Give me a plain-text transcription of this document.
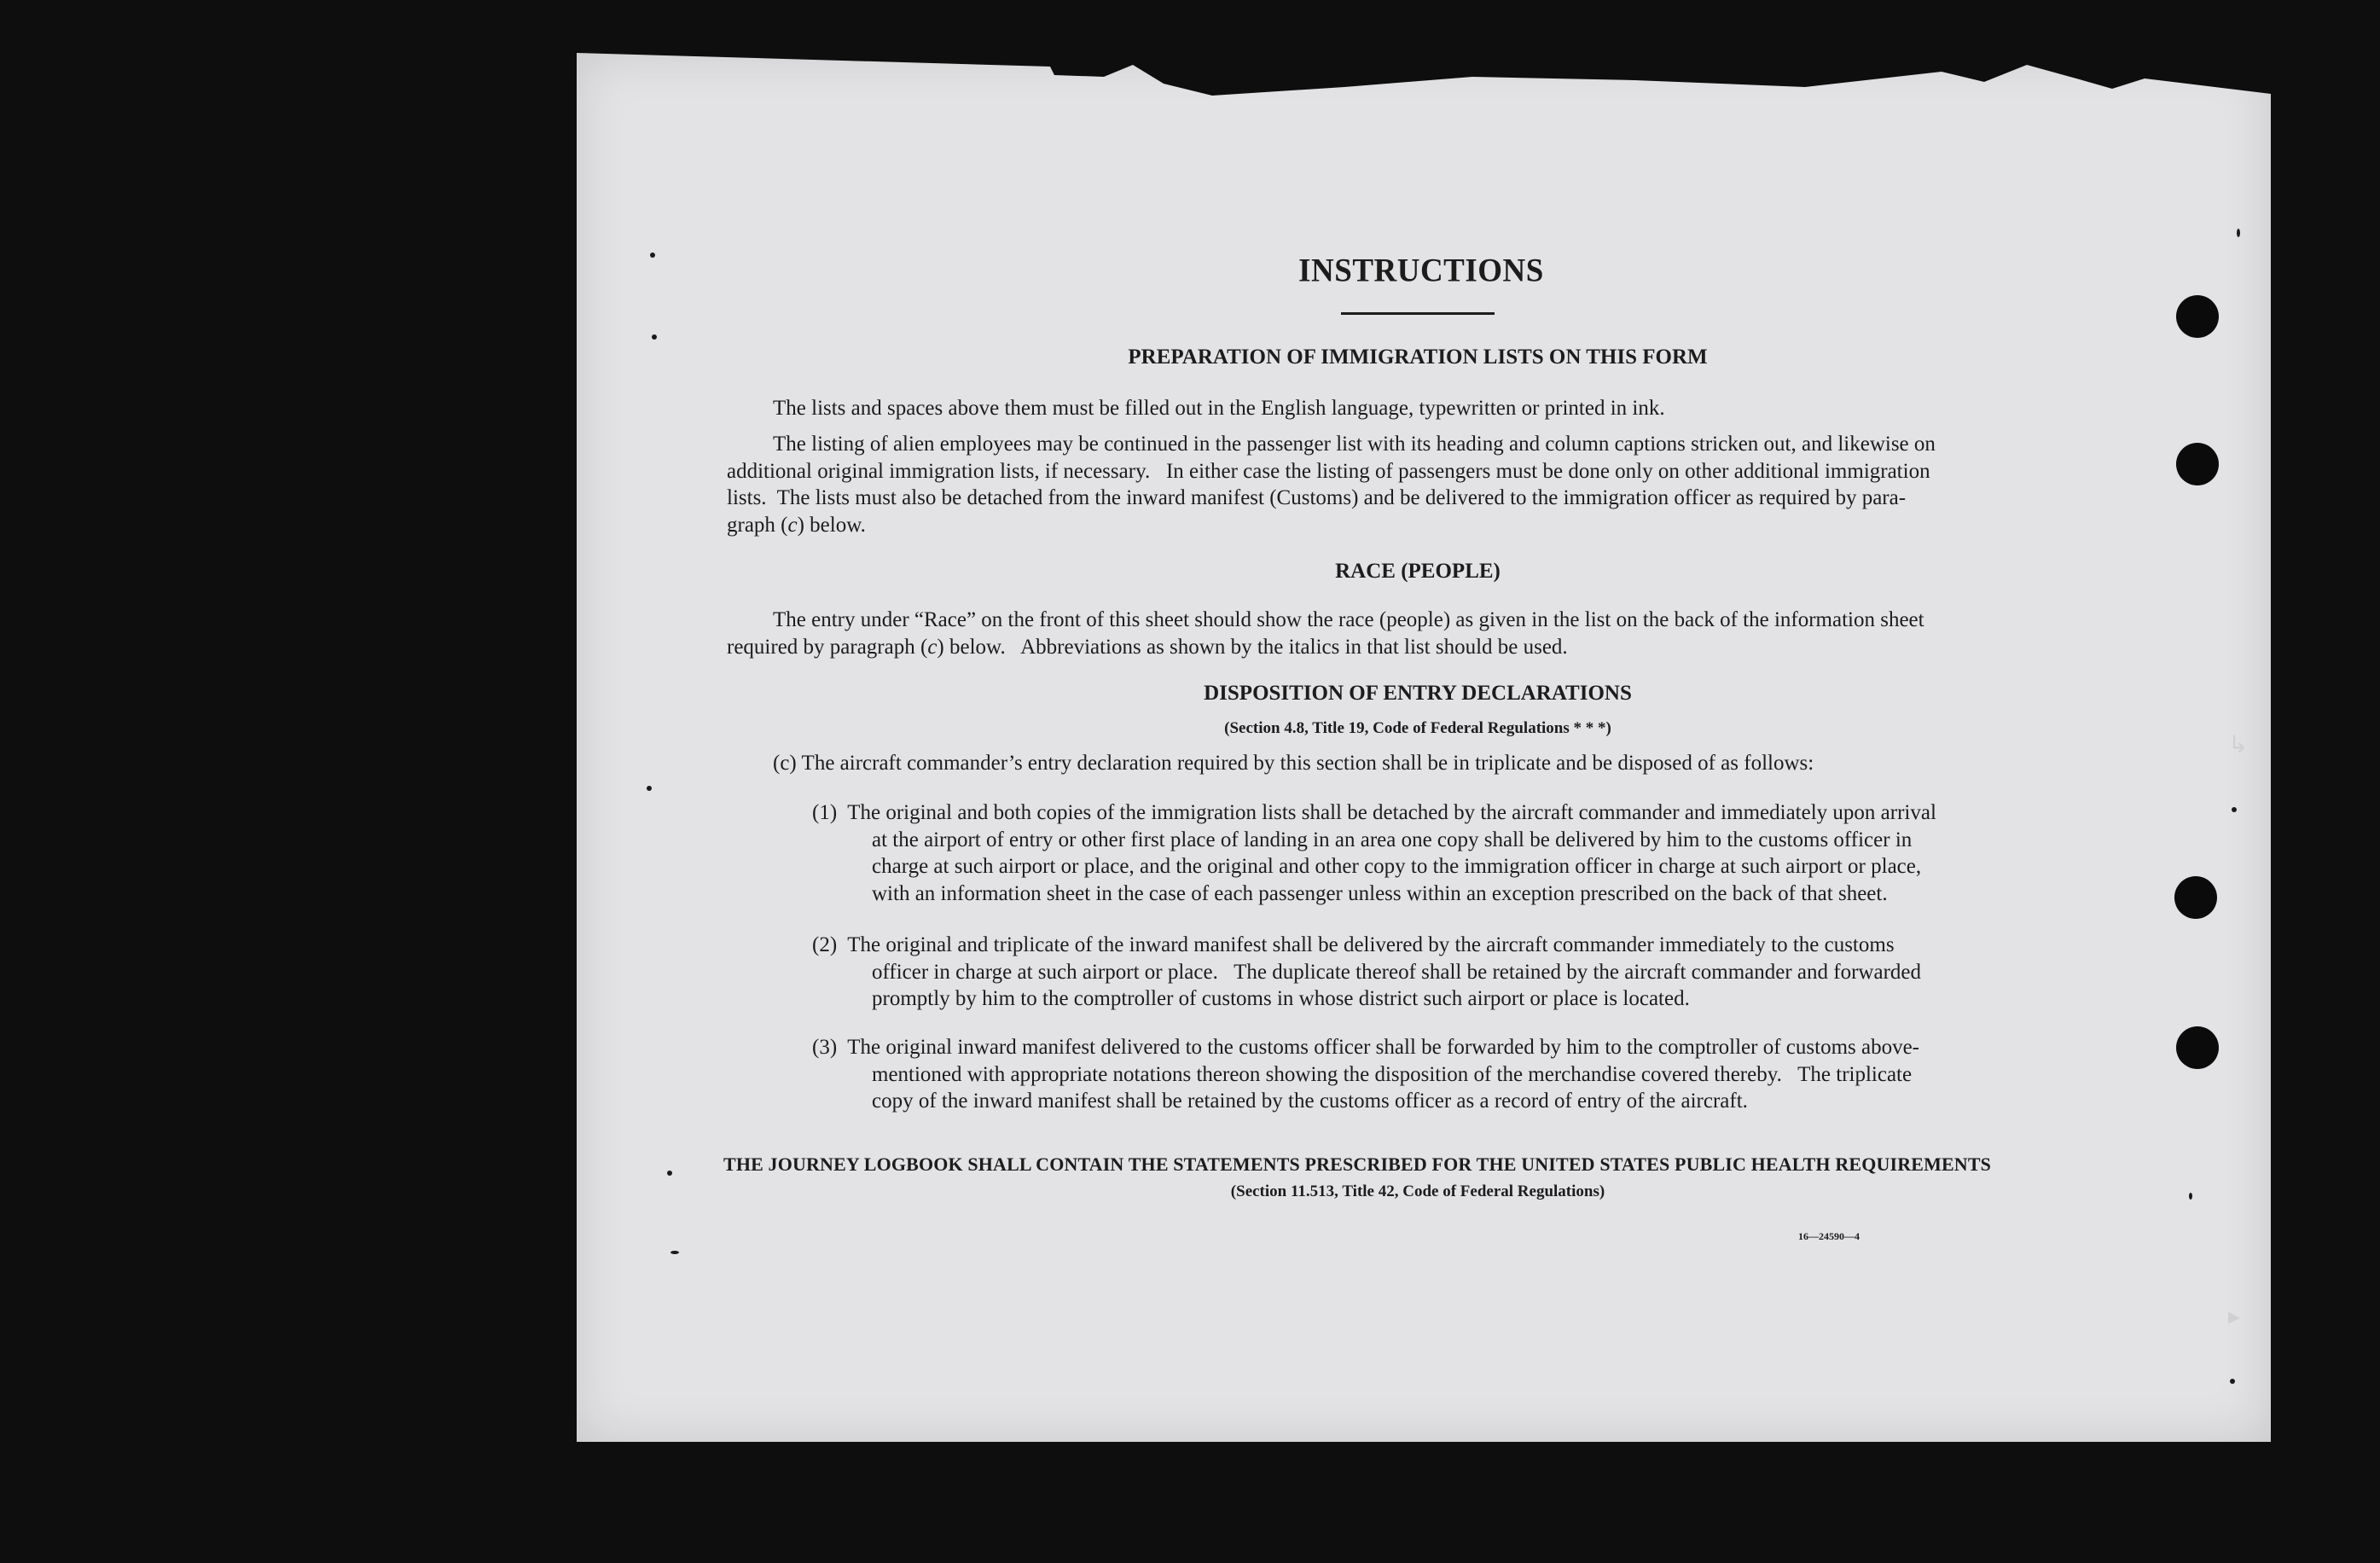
INSTRUCTIONS
PREPARATION OF IMMIGRATION LISTS ON THIS FORM
The lists and spaces above them must be filled out in the English language, typewritten or printed in ink.
The listing of alien employees may be continued in the passenger list with its heading and column captions stricken out, and likewise on
additional original immigration lists, if necessary.   In either case the listing of passengers must be done only on other additional immigration
lists.  The lists must also be detached from the inward manifest (Customs) and be delivered to the immigration officer as required by para-
graph (c) below.
RACE (PEOPLE)
The entry under “Race” on the front of this sheet should show the race (people) as given in the list on the back of the information sheet
required by paragraph (c) below.   Abbreviations as shown by the italics in that list should be used.
DISPOSITION OF ENTRY DECLARATIONS
(Section 4.8, Title 19, Code of Federal Regulations * * *)
(c) The aircraft commander’s entry declaration required by this section shall be in triplicate and be disposed of as follows:
(1)  The original and both copies of the immigration lists shall be detached by the aircraft commander and immediately upon arrival
at the airport of entry or other first place of landing in an area one copy shall be delivered by him to the customs officer in
charge at such airport or place, and the original and other copy to the immigration officer in charge at such airport or place,
with an information sheet in the case of each passenger unless within an exception prescribed on the back of that sheet.
(2)  The original and triplicate of the inward manifest shall be delivered by the aircraft commander immediately to the customs
officer in charge at such airport or place.   The duplicate thereof shall be retained by the aircraft commander and forwarded
promptly by him to the comptroller of customs in whose district such airport or place is located.
(3)  The original inward manifest delivered to the customs officer shall be forwarded by him to the comptroller of customs above-
mentioned with appropriate notations thereon showing the disposition of the merchandise covered thereby.   The triplicate
copy of the inward manifest shall be retained by the customs officer as a record of entry of the aircraft.
THE JOURNEY LOGBOOK SHALL CONTAIN THE STATEMENTS PRESCRIBED FOR THE UNITED STATES PUBLIC HEALTH REQUIREMENTS
(Section 11.513, Title 42, Code of Federal Regulations)
16—24590—4
↳
▸
